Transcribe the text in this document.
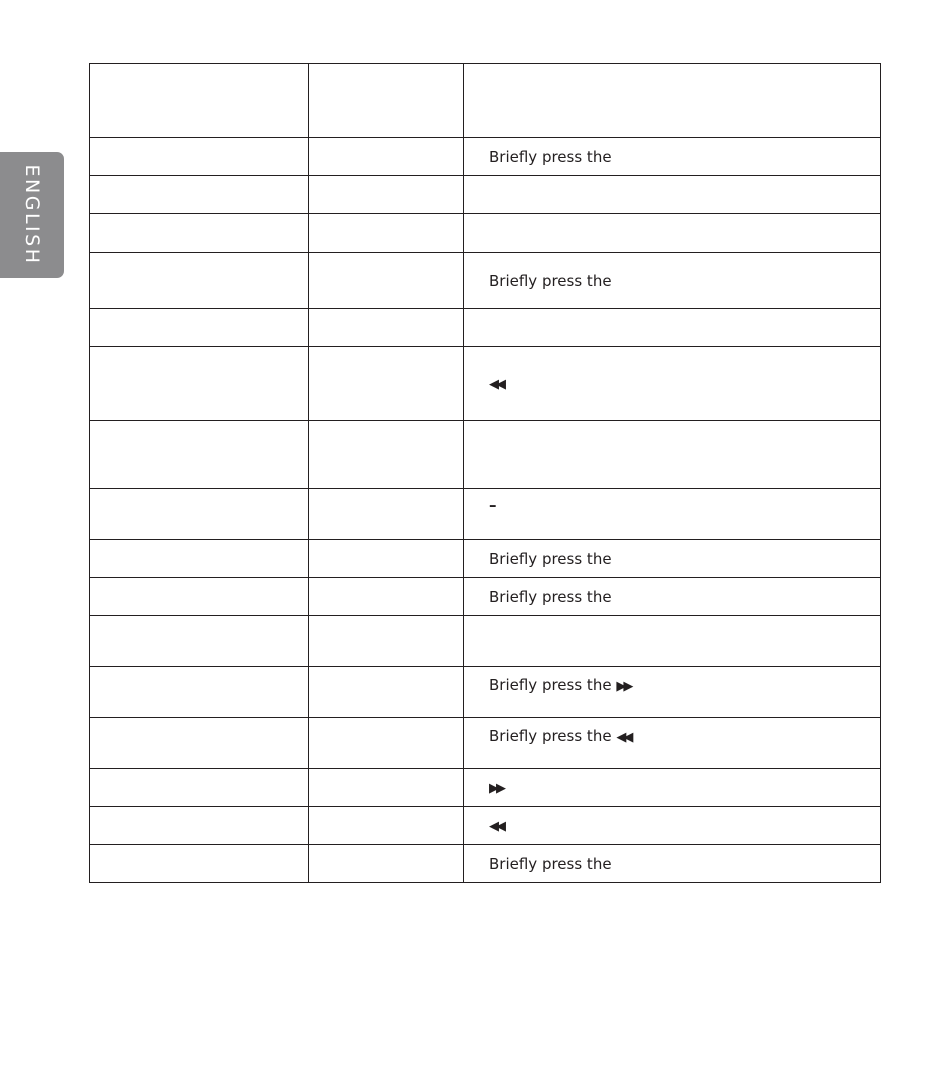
ENGLISH

		Briefly press the

		Briefly press the

		◀◀

		–
		Briefly press the
		Briefly press the

		Briefly press the ▶▶
		Briefly press the ◀◀
		▶▶
		◀◀
		Briefly press the
